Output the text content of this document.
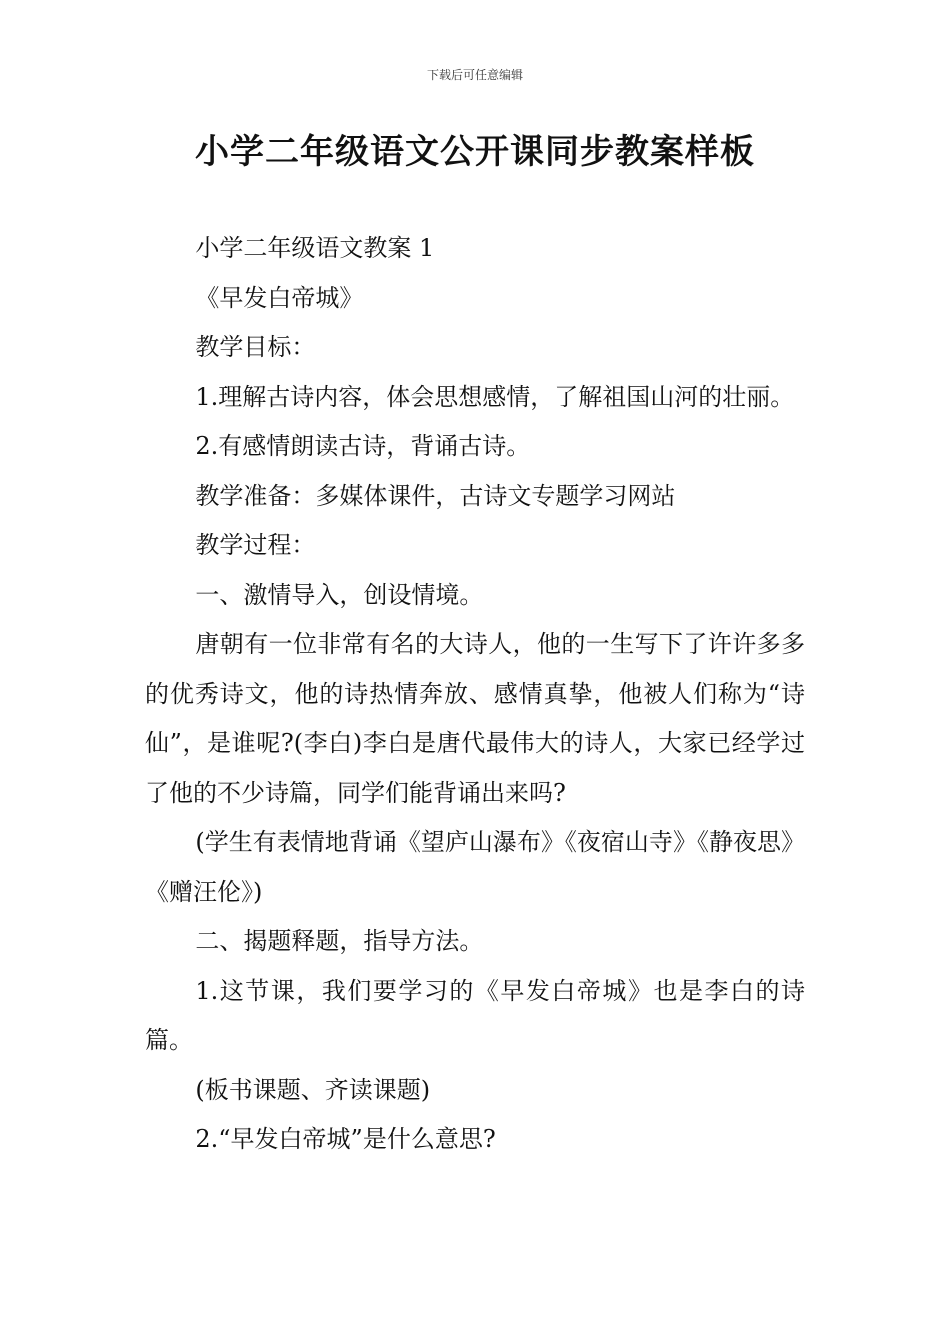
下载后可任意编辑
小学二年级语文公开课同步教案样板

小学二年级语文教案 1

《早发白帝城》

教学目标：

1.理解古诗内容，体会思想感情，了解祖国山河的壮丽。

2.有感情朗读古诗，背诵古诗。

教学准备：多媒体课件，古诗文专题学习网站

教学过程：

一、激情导入，创设情境。

唐朝有一位非常有名的大诗人，他的一生写下了许许多多的优秀诗文，他的诗热情奔放、感情真挚，他被人们称为“诗仙”，是谁呢?(李白)李白是唐代最伟大的诗人，大家已经学过了他的不少诗篇，同学们能背诵出来吗?

(学生有表情地背诵《望庐山瀑布》《夜宿山寺》《静夜思》《赠汪伦》)

二、揭题释题，指导方法。

1.这节课，我们要学习的《早发白帝城》也是李白的诗篇。

(板书课题、齐读课题)

2.“早发白帝城”是什么意思?
